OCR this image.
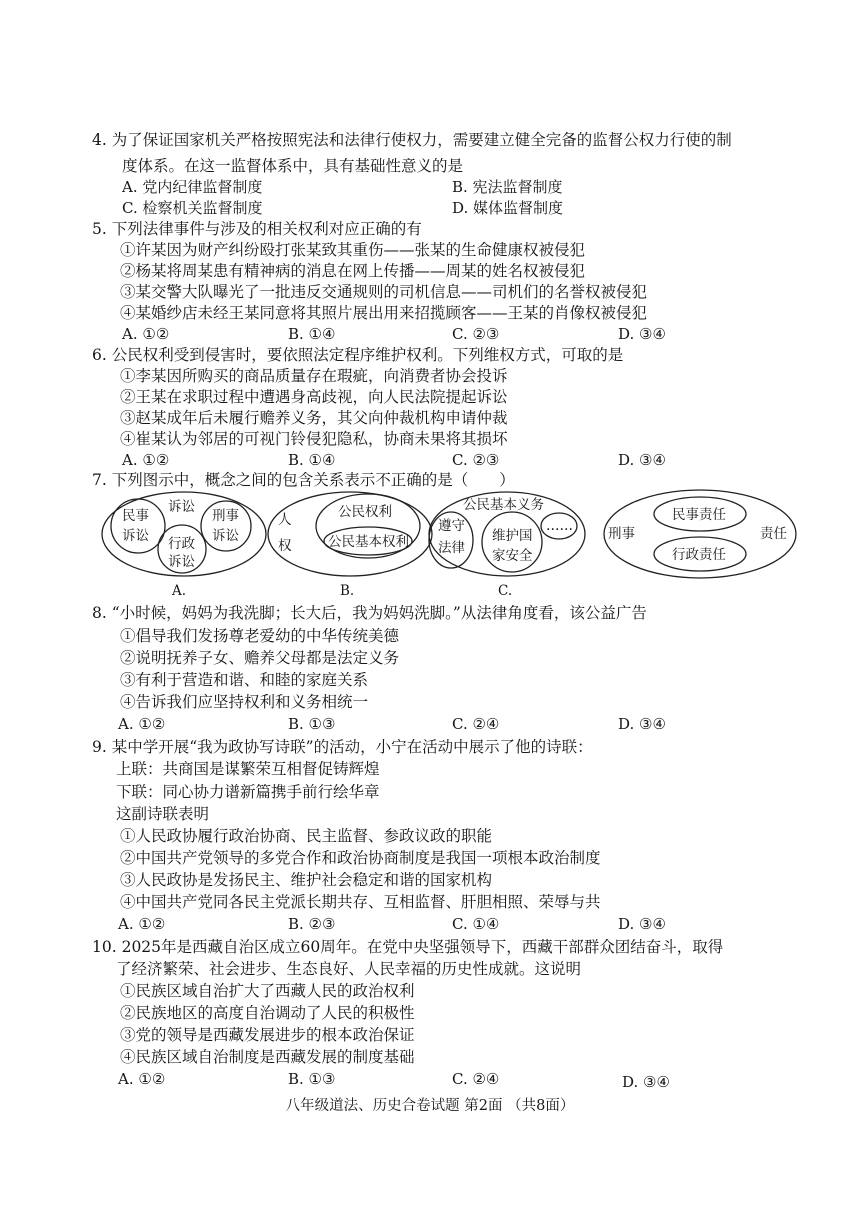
4. 为了保证国家机关严格按照宪法和法律行使权力，需要建立健全完备的监督公权力行使的制
度体系。在这一监督体系中，具有基础性意义的是
A. 党内纪律监督制度	B. 宪法监督制度
C. 检察机关监督制度	D. 媒体监督制度
5. 下列法律事件与涉及的相关权利对应正确的有
①许某因为财产纠纷殴打张某致其重伤——张某的生命健康权被侵犯
②杨某将周某患有精神病的消息在网上传播——周某的姓名权被侵犯
③某交警大队曝光了一批违反交通规则的司机信息——司机们的名誉权被侵犯
④某婚纱店未经王某同意将其照片展出用来招揽顾客——王某的肖像权被侵犯
A. ①②	B. ①④	C. ②③	D. ③④
6. 公民权利受到侵害时，要依照法定程序维护权利。下列维权方式，可取的是
①李某因所购买的商品质量存在瑕疵，向消费者协会投诉
②王某在求职过程中遭遇身高歧视，向人民法院提起诉讼
③赵某成年后未履行赡养义务，其父向仲裁机构申请仲裁
④崔某认为邻居的可视门铃侵犯隐私，协商未果将其损坏
A. ①②	B. ①④	C. ②③	D. ③④
7. 下列图示中，概念之间的包含关系表示不正确的是（　　）
民事
诉讼
诉讼
刑事
诉讼
行政
诉讼
A.
人
权
公民权利
公民基本权利
B.
公民基本义务
遵守
法律
维护国
家安全
……
C.
刑事	责任
民事责任
行政责任
8. “小时候，妈妈为我洗脚；长大后，我为妈妈洗脚。”从法律角度看，该公益广告
①倡导我们发扬尊老爱幼的中华传统美德
②说明抚养子女、赡养父母都是法定义务
③有利于营造和谐、和睦的家庭关系
④告诉我们应坚持权利和义务相统一
A. ①②	B. ①③	C. ②④	D. ③④
9. 某中学开展“我为政协写诗联”的活动，小宁在活动中展示了他的诗联：
上联：共商国是谋繁荣互相督促铸辉煌
下联：同心协力谱新篇携手前行绘华章
这副诗联表明
①人民政协履行政治协商、民主监督、参政议政的职能
②中国共产党领导的多党合作和政治协商制度是我国一项根本政治制度
③人民政协是发扬民主、维护社会稳定和谐的国家机构
④中国共产党同各民主党派长期共存、互相监督、肝胆相照、荣辱与共
A. ①②	B. ②③	C. ①④	D. ③④
10. 2025年是西藏自治区成立60周年。在党中央坚强领导下，西藏干部群众团结奋斗，取得
了经济繁荣、社会进步、生态良好、人民幸福的历史性成就。这说明
①民族区域自治扩大了西藏人民的政治权利
②民族地区的高度自治调动了人民的积极性
③党的领导是西藏发展进步的根本政治保证
④民族区域自治制度是西藏发展的制度基础
A. ①②	B. ①③	C. ②④	D. ③④
八年级道法、历史合卷试题 第2面 （共8面）
